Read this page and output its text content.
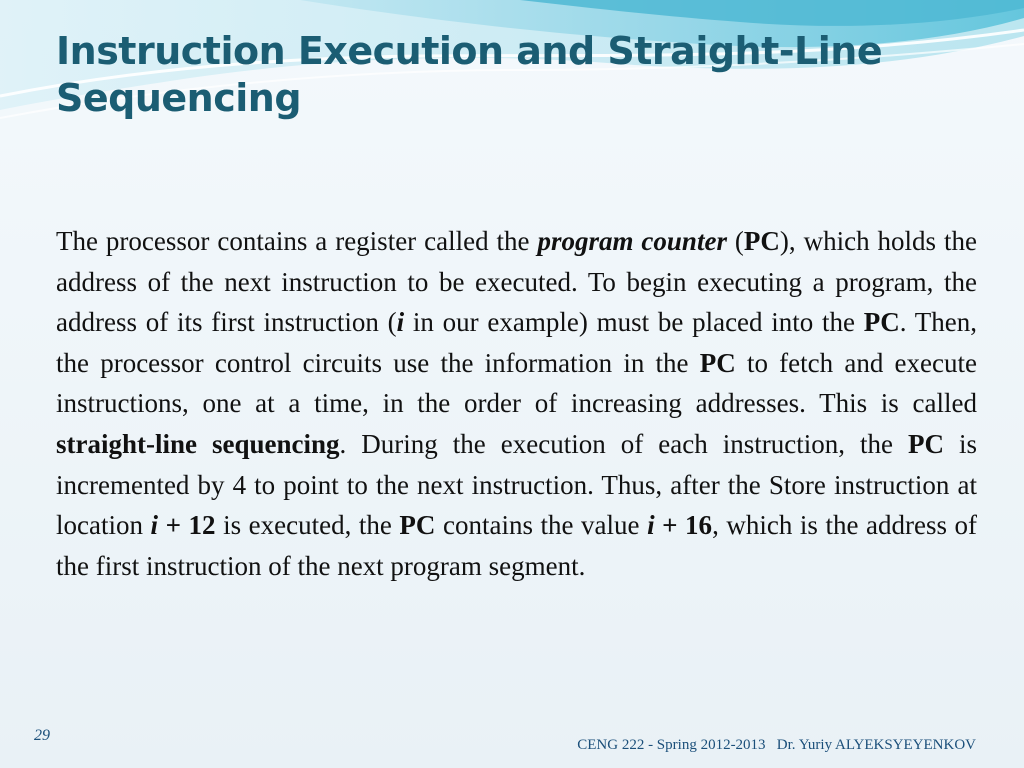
Instruction Execution and Straight-Line Sequencing

The processor contains a register called the program counter (PC), which holds the address of the next instruction to be executed. To begin executing a program, the address of its first instruction (i in our example) must be placed into the PC. Then, the processor control circuits use the information in the PC to fetch and execute instructions, one at a time, in the order of increasing addresses. This is called straight-line sequencing. During the execution of each instruction, the PC is incremented by 4 to point to the next instruction. Thus, after the Store instruction at location i + 12 is executed, the PC contains the value i + 16, which is the address of the first instruction of the next program segment.

29
CENG 222 - Spring 2012-2013   Dr. Yuriy ALYEKSYEYENKOV
